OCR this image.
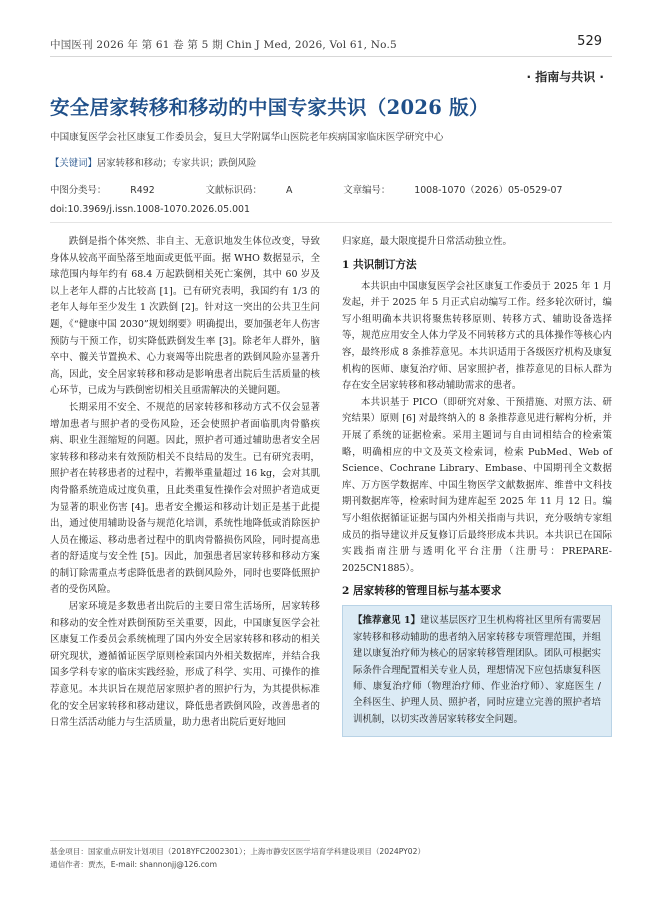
中国医刊 2026 年 第 61 卷 第 5 期 Chin J Med, 2026, Vol 61, No.5	529
· 指南与共识 ·
安全居家转移和移动的中国专家共识（2026 版）
中国康复医学会社区康复工作委员会，复旦大学附属华山医院老年疾病国家临床医学研究中心
【关键词】居家转移和移动；专家共识；跌倒风险
中图分类号：	R492	文献标识码：	A	文章编号：	1008-1070（2026）05-0529-07
doi:10.3969/j.issn.1008-1070.2026.05.001

跌倒是指个体突然、非自主、无意识地发生体位改变，导致身体从较高平面坠落至地面或更低平面。据 WHO 数据显示，全球范围内每年约有 68.4 万起跌倒相关死亡案例，其中 60 岁及以上老年人群的占比较高 [1]。已有研究表明，我国约有 1/3 的老年人每年至少发生 1 次跌倒 [2]。针对这一突出的公共卫生问题，《“健康中国 2030”规划纲要》明确提出，要加强老年人伤害预防与干预工作，切实降低跌倒发生率 [3]。除老年人群外，脑卒中、髋关节置换术、心力衰竭等出院患者的跌倒风险亦显著升高，因此，安全居家转移和移动是影响患者出院后生活质量的核心环节，已成为与跌倒密切相关且亟需解决的关键问题。

长期采用不安全、不规范的居家转移和移动方式不仅会显著增加患者与照护者的受伤风险，还会使照护者面临肌肉骨骼疾病、职业生涯缩短的问题。因此，照护者可通过辅助患者安全居家转移和移动来有效预防相关不良结局的发生。已有研究表明，照护者在转移患者的过程中，若搬举重量超过 16 kg，会对其肌肉骨骼系统造成过度负重，且此类重复性操作会对照护者造成更为显著的职业伤害 [4]。患者安全搬运和移动计划正是基于此提出，通过使用辅助设备与规范化培训，系统性地降低或消除医护人员在搬运、移动患者过程中的肌肉骨骼损伤风险，同时提高患者的舒适度与安全性 [5]。因此，加强患者居家转移和移动方案的制订除需重点考虑降低患者的跌倒风险外，同时也要降低照护者的受伤风险。

居家环境是多数患者出院后的主要日常生活场所，居家转移和移动的安全性对跌倒预防至关重要，因此，中国康复医学会社区康复工作委员会系统梳理了国内外安全居家转移和移动的相关研究现状，遵循循证医学原则检索国内外相关数据库，并结合我国多学科专家的临床实践经验，形成了科学、实用、可操作的推荐意见。本共识旨在规范居家照护者的照护行为，为其提供标准化的安全居家转移和移动建议，降低患者跌倒风险，改善患者的日常生活活动能力与生活质量，助力患者出院后更好地回

归家庭，最大限度提升日常活动独立性。

1 共识制订方法

本共识由中国康复医学会社区康复工作委员于 2025 年 1 月发起，并于 2025 年 5 月正式启动编写工作。经多轮次研讨，编写小组明确本共识将聚焦转移原则、转移方式、辅助设备选择等，规范应用安全人体力学及不同转移方式的具体操作等核心内容，最终形成 8 条推荐意见。本共识适用于各级医疗机构及康复机构的医师、康复治疗师、居家照护者，推荐意见的目标人群为存在安全居家转移和移动辅助需求的患者。

本共识基于 PICO（即研究对象、干预措施、对照方法、研究结果）原则 [6] 对最终纳入的 8 条推荐意见进行解构分析，并开展了系统的证据检索。采用主题词与自由词相结合的检索策略，明确相应的中文及英文检索词，检索 PubMed、Web of Science、Cochrane Library、Embase、中国期刊全文数据库、万方医学数据库、中国生物医学文献数据库、维普中文科技期刊数据库等，检索时间为建库起至 2025 年 11 月 12 日。编写小组依据循证证据与国内外相关指南与共识，充分吸纳专家组成员的指导建议并反复修订后最终形成本共识。本共识已在国际实践指南注册与透明化平台注册（注册号：PREPARE-2025CN1885）。

2 居家转移的管理目标与基本要求
【推荐意见 1】建议基层医疗卫生机构将社区里所有需要居家转移和移动辅助的患者纳入居家转移专项管理范围，并组建以康复治疗师为核心的居家转移管理团队。团队可根据实际条件合理配置相关专业人员，理想情况下应包括康复科医师、康复治疗师（物理治疗师、作业治疗师）、家庭医生 / 全科医生、护理人员、照护者，同时应建立完善的照护者培训机制，以切实改善居家转移安全问题。
基金项目：国家重点研发计划项目（2018YFC2002301）；上海市静安区医学培育学科建设项目（2024PY02）
通信作者：贾杰，E-mail: shannonjj@126.com
